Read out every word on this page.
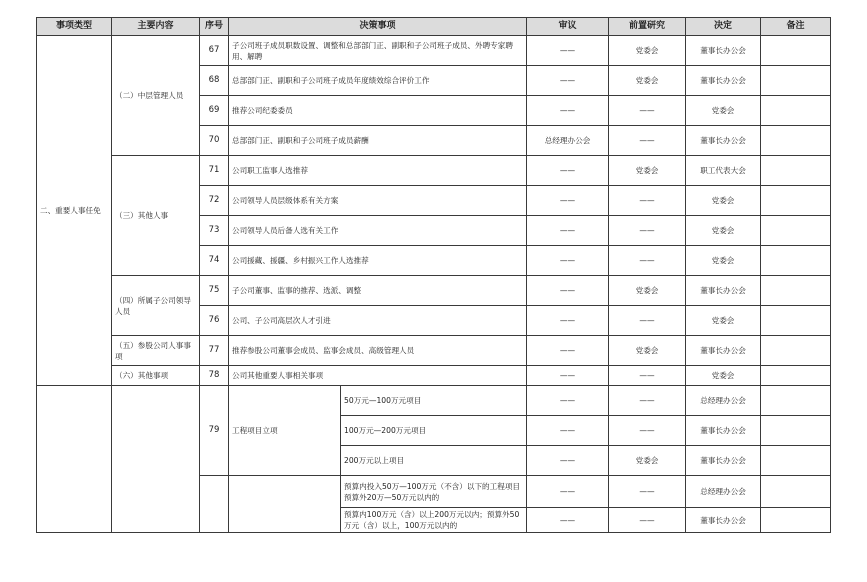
事项类型	主要内容	序号	决策事项		审议	前置研究	决定	备注
二、重要人事任免	（二）中层管理人员	67	子公司班子成员职数设置、调整和总部部门正、副职和子公司班子成员、外聘专家聘用、解聘		——	党委会	董事长办公会	
		68	总部部门正、副职和子公司班子成员年度绩效综合评价工作		——	党委会	董事长办公会	
		69	推荐公司纪委委员		——	——	党委会	
		70	总部部门正、副职和子公司班子成员薪酬		总经理办公会	——	董事长办公会	
	（三）其他人事	71	公司职工监事人选推荐		——	党委会	职工代表大会	
		72	公司领导人员层级体系有关方案		——	——	党委会	
		73	公司领导人员后备人选有关工作		——	——	党委会	
		74	公司援藏、援疆、乡村振兴工作人选推荐		——	——	党委会	
	（四）所属子公司领导人员	75	子公司董事、监事的推荐、选派、调整		——	党委会	董事长办公会	
		76	公司、子公司高层次人才引进		——	——	党委会	
	（五）参股公司人事事项	77	推荐参股公司董事会成员、监事会成员、高级管理人员		——	党委会	董事长办公会	
	（六）其他事项	78	公司其他重要人事相关事项		——	——	党委会	
		79	工程项目立项	50万元—100万元项目	——	——	总经理办公会	
				100万元—200万元项目	——	——	董事长办公会	
				200万元以上项目	——	党委会	董事长办公会	
				预算内投入50万—100万元（不含）以下的工程项目预算外20万—50万元以内的	——	——	总经理办公会	
				预算内100万元（含）以上200万元以内；预算外50万元（含）以上，100万元以内的	——	——	董事长办公会	
